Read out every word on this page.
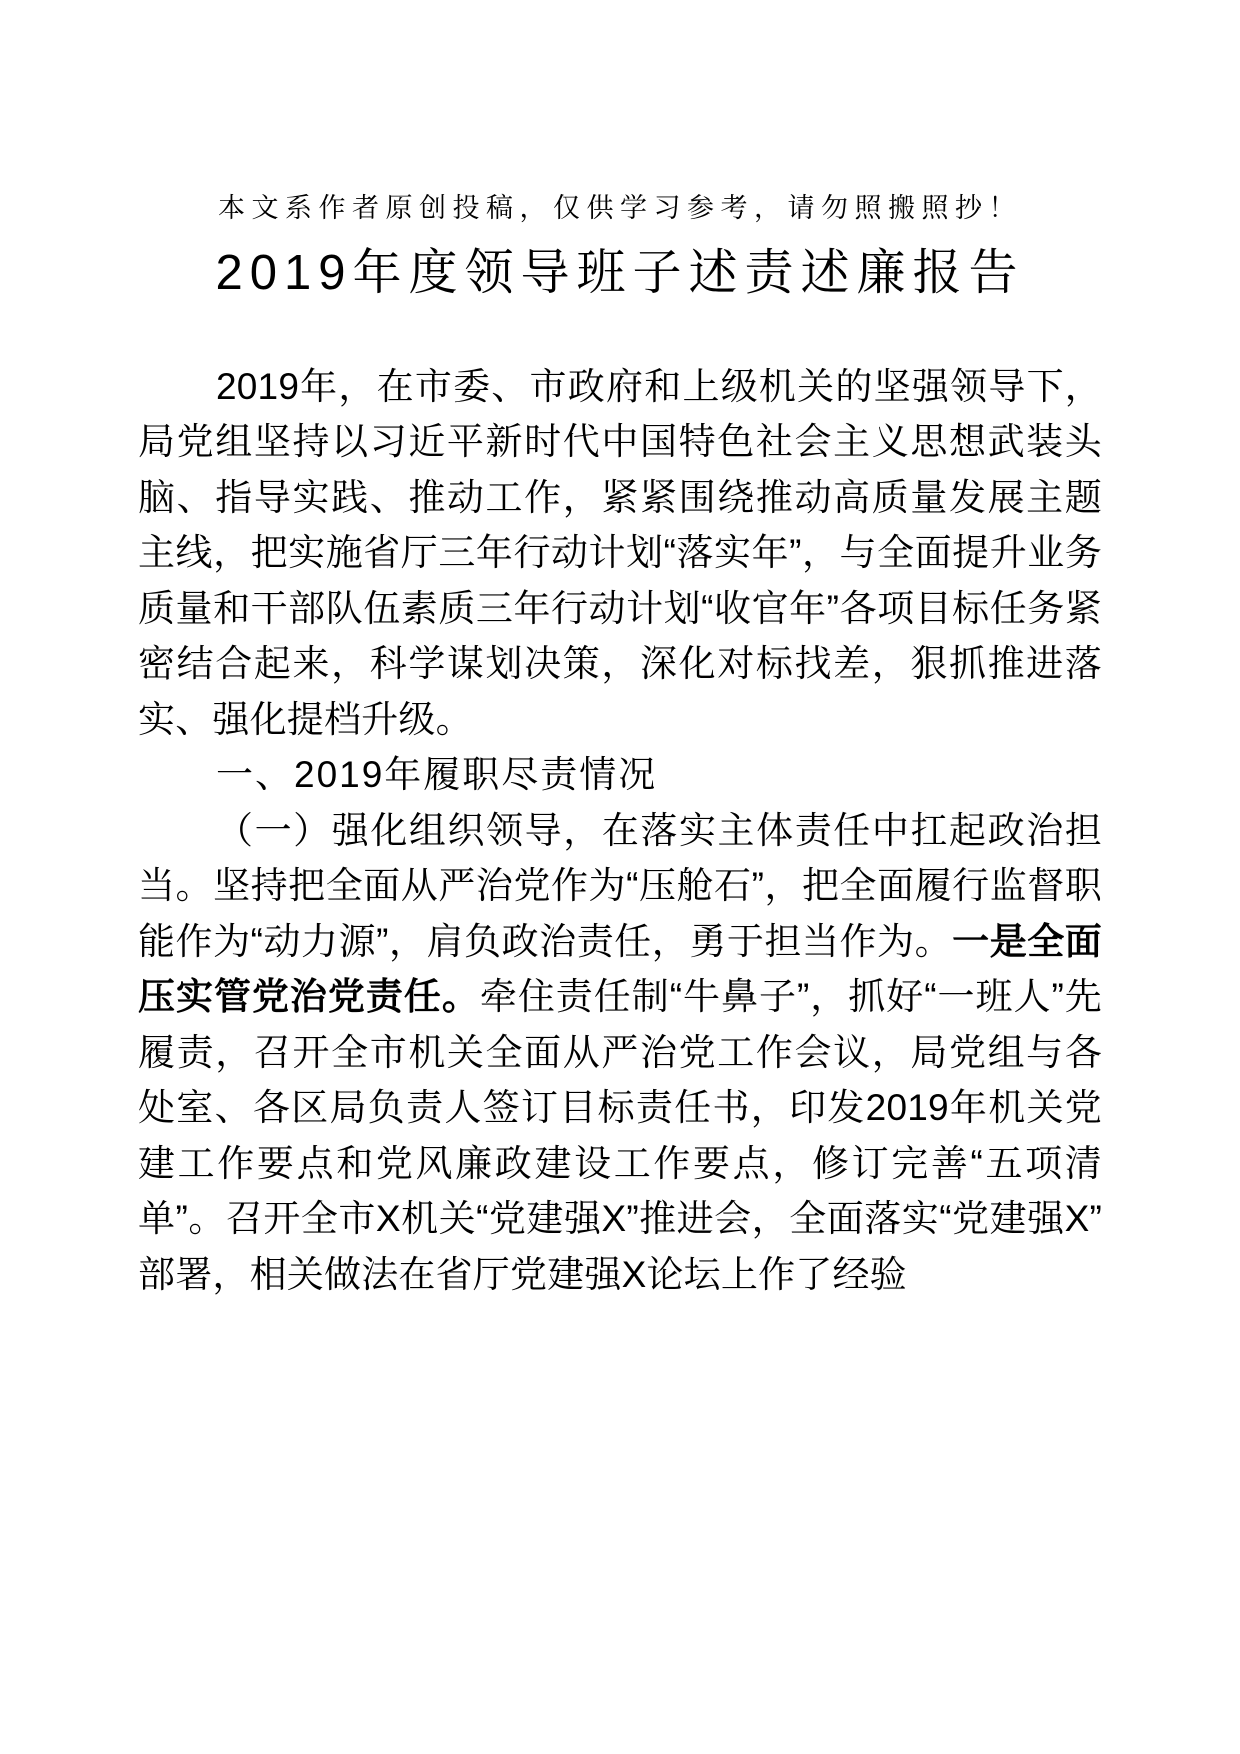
本文系作者原创投稿，仅供学习参考，请勿照搬照抄！
2019年度领导班子述责述廉报告

2019年，在市委、市政府和上级机关的坚强领导下，局党组坚持以习近平新时代中国特色社会主义思想武装头脑、指导实践、推动工作，紧紧围绕推动高质量发展主题主线，把实施省厅三年行动计划“落实年”，与全面提升业务质量和干部队伍素质三年行动计划“收官年”各项目标任务紧密结合起来，科学谋划决策，深化对标找差，狠抓推进落实、强化提档升级。

一、2019年履职尽责情况

（一）强化组织领导，在落实主体责任中扛起政治担当。坚持把全面从严治党作为“压舱石”，把全面履行监督职能作为“动力源”，肩负政治责任，勇于担当作为。一是全面压实管党治党责任。牵住责任制“牛鼻子”，抓好“一班人”先履责，召开全市机关全面从严治党工作会议，局党组与各处室、各区局负责人签订目标责任书，印发2019年机关党建工作要点和党风廉政建设工作要点，修订完善“五项清单”。召开全市X机关“党建强X”推进会，全面落实“党建强X”部署，相关做法在省厅党建强X论坛上作了经验
